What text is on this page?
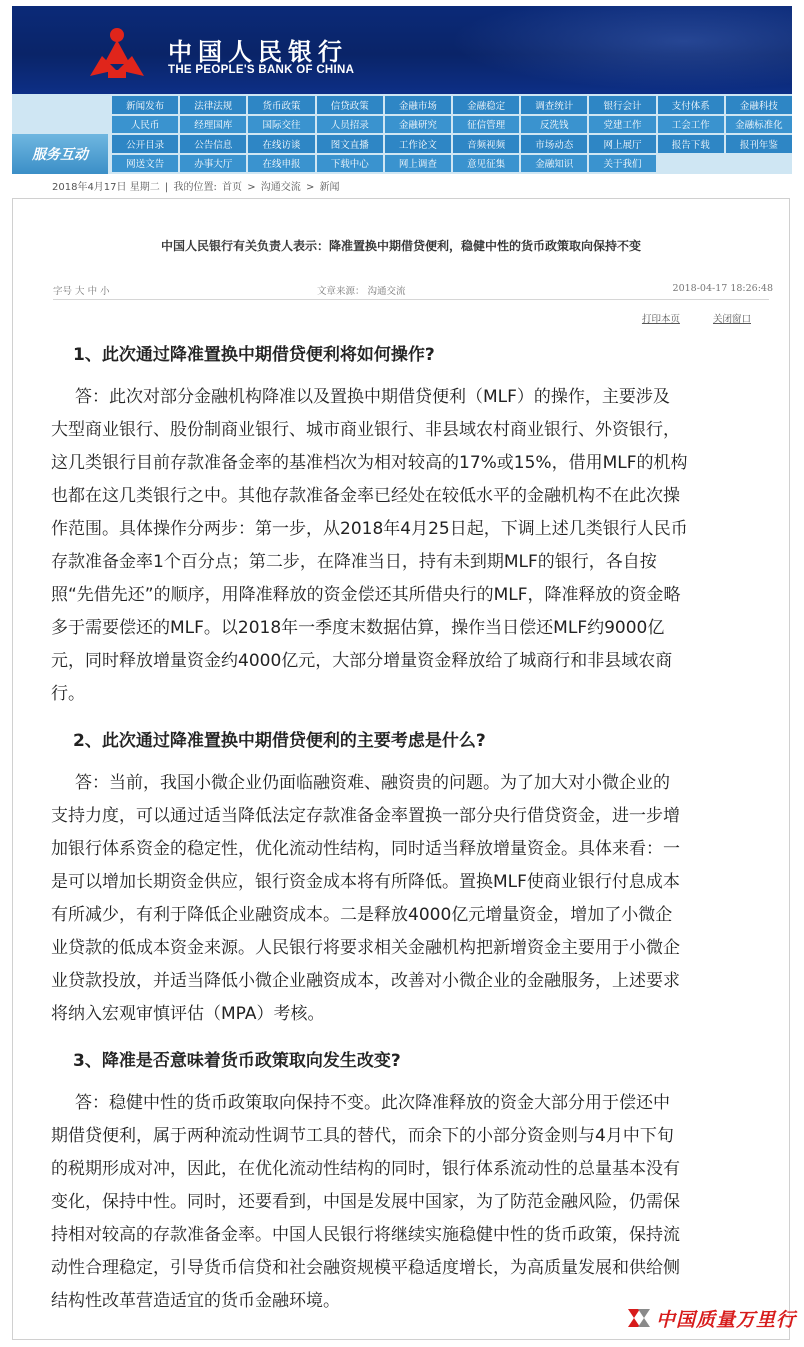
中国人民银行
THE PEOPLE'S BANK OF CHINA
服务互动
新闻发布	法律法规	货币政策	信贷政策	金融市场	金融稳定	调查统计	银行会计	支付体系	金融科技
人民币	经理国库	国际交往	人员招录	金融研究	征信管理	反洗钱	党建工作	工会工作	金融标准化
公开目录	公告信息	在线访谈	图文直播	工作论文	音频视频	市场动态	网上展厅	报告下载	报刊年鉴
网送文告	办事大厅	在线申报	下载中心	网上调查	意见征集	金融知识	关于我们
2018年4月17日 星期二 | 我的位置: 首页 > 沟通交流 > 新闻
中国人民银行有关负责人表示：降准置换中期借贷便利，稳健中性的货币政策取向保持不变
字号 大 中 小	文章来源： 沟通交流	2018-04-17 18:26:48
打印本页	关闭窗口
1、此次通过降准置换中期借贷便利将如何操作?
答：此次对部分金融机构降准以及置换中期借贷便利（MLF）的操作，主要涉及
大型商业银行、股份制商业银行、城市商业银行、非县域农村商业银行、外资银行，
这几类银行目前存款准备金率的基准档次为相对较高的17%或15%，借用MLF的机构
也都在这几类银行之中。其他存款准备金率已经处在较低水平的金融机构不在此次操
作范围。具体操作分两步：第一步，从2018年4月25日起，下调上述几类银行人民币
存款准备金率1个百分点；第二步，在降准当日，持有未到期MLF的银行，各自按
照“先借先还”的顺序，用降准释放的资金偿还其所借央行的MLF，降准释放的资金略
多于需要偿还的MLF。以2018年一季度末数据估算，操作当日偿还MLF约9000亿
元，同时释放增量资金约4000亿元，大部分增量资金释放给了城商行和非县域农商
行。
2、此次通过降准置换中期借贷便利的主要考虑是什么?
答：当前，我国小微企业仍面临融资难、融资贵的问题。为了加大对小微企业的
支持力度，可以通过适当降低法定存款准备金率置换一部分央行借贷资金，进一步增
加银行体系资金的稳定性，优化流动性结构，同时适当释放增量资金。具体来看：一
是可以增加长期资金供应，银行资金成本将有所降低。置换MLF使商业银行付息成本
有所减少，有利于降低企业融资成本。二是释放4000亿元增量资金，增加了小微企
业贷款的低成本资金来源。人民银行将要求相关金融机构把新增资金主要用于小微企
业贷款投放，并适当降低小微企业融资成本，改善对小微企业的金融服务，上述要求
将纳入宏观审慎评估（MPA）考核。
3、降准是否意味着货币政策取向发生改变?
答：稳健中性的货币政策取向保持不变。此次降准释放的资金大部分用于偿还中
期借贷便利，属于两种流动性调节工具的替代，而余下的小部分资金则与4月中下旬
的税期形成对冲，因此，在优化流动性结构的同时，银行体系流动性的总量基本没有
变化，保持中性。同时，还要看到，中国是发展中国家，为了防范金融风险，仍需保
持相对较高的存款准备金率。中国人民银行将继续实施稳健中性的货币政策，保持流
动性合理稳定，引导货币信贷和社会融资规模平稳适度增长，为高质量发展和供给侧
结构性改革营造适宜的货币金融环境。
中国质量万里行
